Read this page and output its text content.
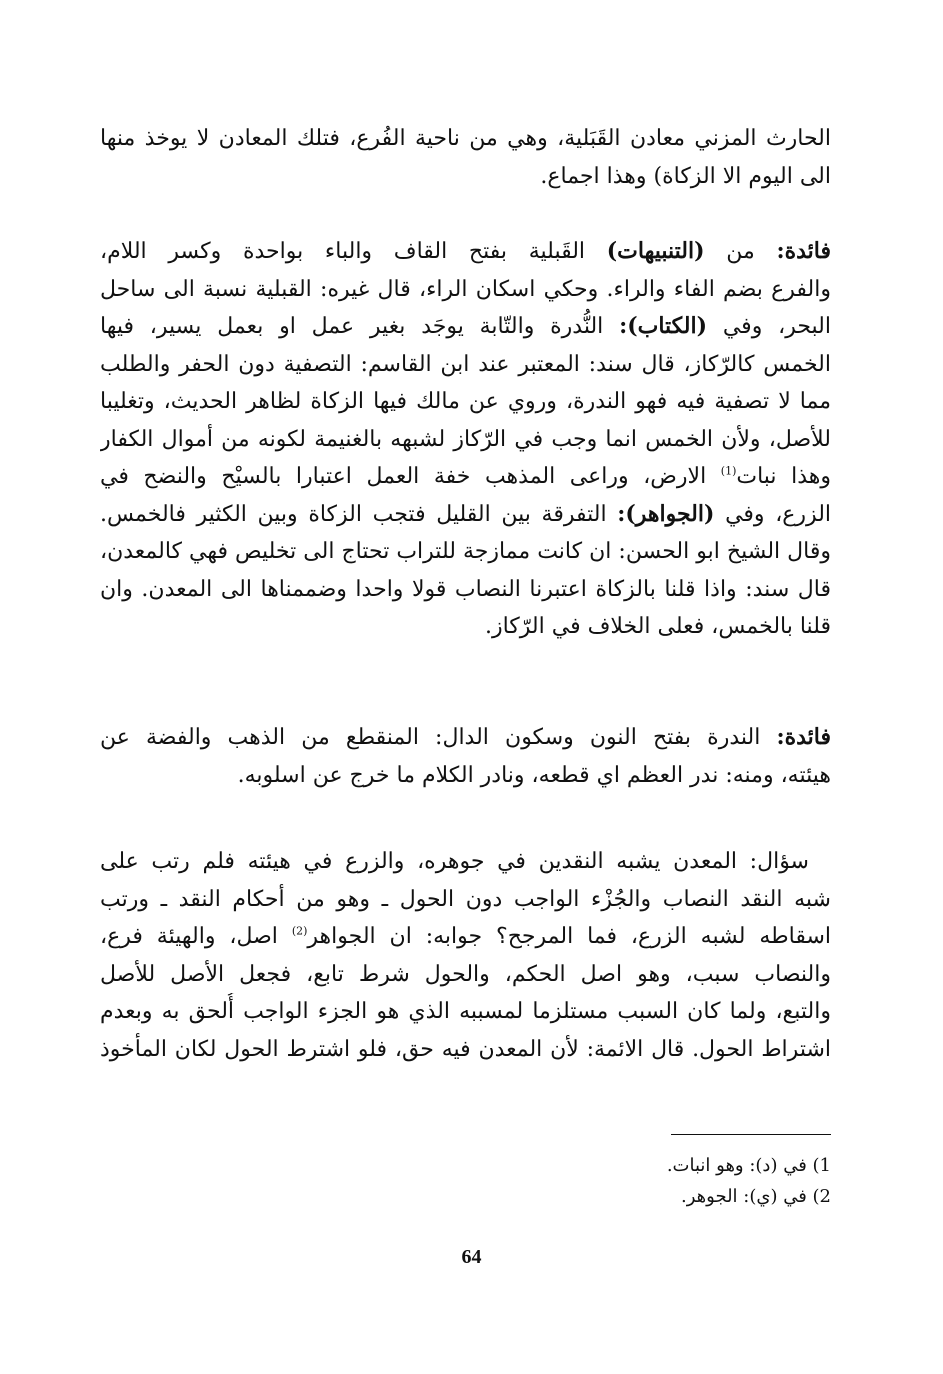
الحارث المزني معادن القَبَلية، وهي من ناحية الفُرع، فتلك المعادن لا يوخذ منها
الى اليوم الا الزكاة) وهذا اجماع.
فائدة: من (التنبيهات) القَبلية بفتح القاف والباء بواحدة وكسر اللام،
والفرع بضم الفاء والراء. وحكي اسكان الراء، قال غيره: القبلية نسبة الى ساحل
البحر، وفي (الكتاب): النُّدرة والتّابة يوجَد بغير عمل او بعمل يسير، فيها
الخمس كالرّكاز، قال سند: المعتبر عند ابن القاسم: التصفية دون الحفر والطلب
مما لا تصفية فيه فهو الندرة، وروي عن مالك فيها الزكاة لظاهر الحديث، وتغليبا
للأصل، ولأن الخمس انما وجب في الرّكاز لشبهه بالغنيمة لكونه من أموال الكفار
وهذا نبات$^{(1)}$ الارض، وراعى المذهب خفة العمل اعتبارا بالسيْح والنضح في
الزرع، وفي (الجواهر): التفرقة بين القليل فتجب الزكاة وبين الكثير فالخمس.
وقال الشيخ ابو الحسن: ان كانت ممازجة للتراب تحتاج الى تخليص فهي كالمعدن،
قال سند: واذا قلنا بالزكاة اعتبرنا النصاب قولا واحدا وضممناها الى المعدن. وان
قلنا بالخمس، فعلى الخلاف في الرّكاز.
فائدة: الندرة بفتح النون وسكون الدال: المنقطع من الذهب والفضة عن
هيئته، ومنه: ندر العظم اي قطعه، ونادر الكلام ما خرج عن اسلوبه.
سؤال: المعدن يشبه النقدين في جوهره، والزرع في هيئته فلم رتب على
شبه النقد النصاب والجُزْء الواجب دون الحول ـ وهو من أحكام النقد ـ ورتب
اسقاطه لشبه الزرع، فما المرجح؟ جوابه: ان الجواهر$^{(2)}$ اصل، والهيئة فرع،
والنصاب سبب، وهو اصل الحكم، والحول شرط تابع، فجعل الأصل للأصل
والتبع، ولما كان السبب مستلزما لمسببه الذي هو الجزء الواجب أُلحق به وبعدم
اشتراط الحول. قال الائمة: لأن المعدن فيه حق، فلو اشترط الحول لكان المأخوذ
1) في (د): وهو انبات.
2) في (ي): الجوهر.
64
